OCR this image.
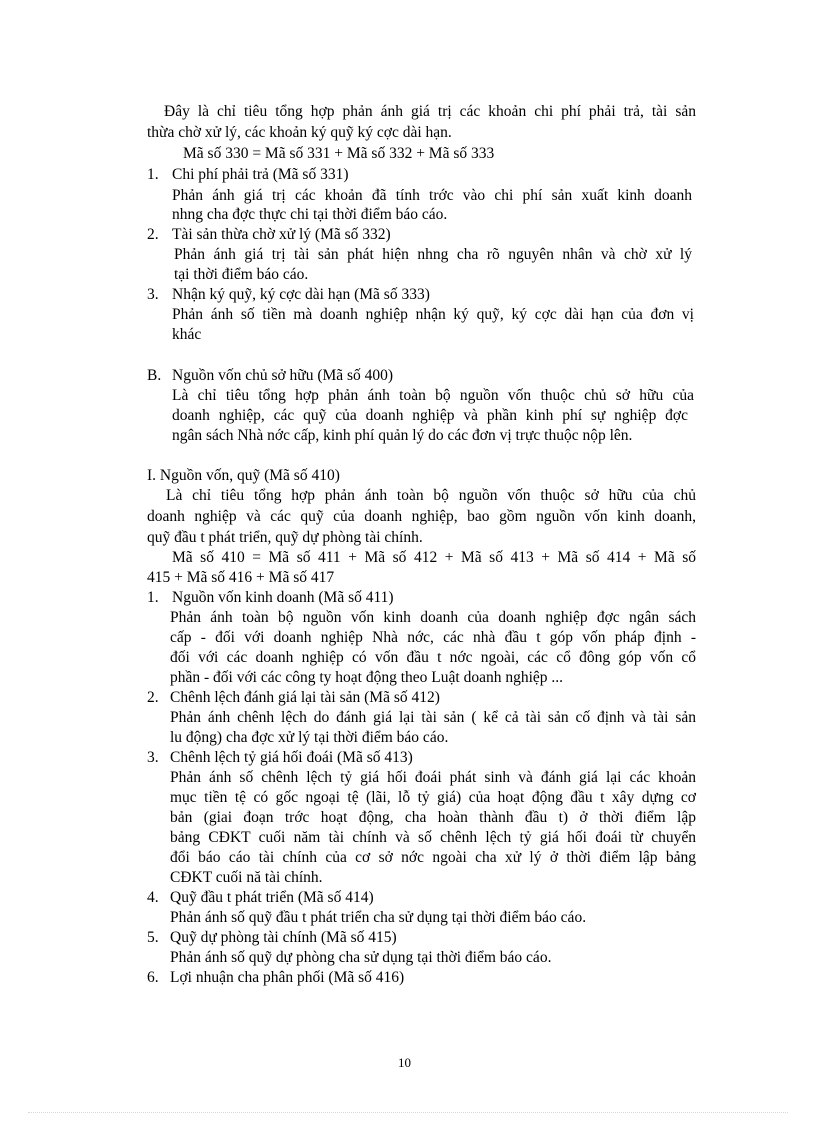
Đây là chỉ tiêu tổng hợp phản ánh giá trị các khoản chi phí phải trả, tài sản
thừa chờ xử lý, các khoản ký quỹ ký cợc dài hạn.
Mã số 330 = Mã số 331 + Mã số 332 + Mã số 333
1. Chi phí phải trả (Mã số 331)
Phản ánh giá trị các khoản đã tính trớc vào chi phí sản xuất kinh doanh
nhng cha đợc thực chi tại thời điểm báo cáo.
2. Tài sản thừa chờ xử lý (Mã số 332)
Phản ánh giá trị tài sản phát hiện nhng cha rõ nguyên nhân và chờ xử lý
tại thời điểm báo cáo.
3. Nhận ký quỹ, ký cợc dài hạn (Mã số 333)
Phản ánh số tiền mà doanh nghiệp nhận ký quỹ, ký cợc dài hạn của đơn vị
khác
B. Nguồn vốn chủ sở hữu (Mã số 400)
Là chỉ tiêu tổng hợp phản ánh toàn bộ nguồn vốn thuộc chủ sở hữu của
doanh nghiệp, các quỹ của doanh nghiệp và phần kinh phí sự nghiệp đợc
ngân sách Nhà nớc cấp, kinh phí quản lý do các đơn vị trực thuộc nộp lên.
I. Nguồn vốn, quỹ (Mã số 410)
Là chỉ tiêu tổng hợp phản ánh toàn bộ nguồn vốn thuộc sở hữu của chủ
doanh nghiệp và các quỹ của doanh nghiệp, bao gồm nguồn vốn kinh doanh,
quỹ đầu t phát triển, quỹ dự phòng tài chính.
Mã số 410 = Mã số 411 + Mã số 412 + Mã số 413 + Mã số 414 + Mã số
415 + Mã số 416 + Mã số 417
1. Nguồn vốn kinh doanh (Mã số 411)
Phản ánh toàn bộ nguồn vốn kinh doanh của doanh nghiệp đợc ngân sách
cấp - đối với doanh nghiệp Nhà nớc, các nhà đầu t góp vốn pháp định -
đối với các doanh nghiệp có vốn đầu t nớc ngoài, các cổ đông góp vốn cổ
phần - đối với các công ty hoạt động theo Luật doanh nghiệp ...
2. Chênh lệch đánh giá lại tài sản (Mã số 412)
Phản ánh chênh lệch do đánh giá lại tài sản ( kể cả tài sản cố định và tài sản
lu động) cha đợc xử lý tại thời điểm báo cáo.
3. Chênh lệch tỷ giá hối đoái (Mã số 413)
Phản ánh số chênh lệch tỷ giá hối đoái phát sinh và đánh giá lại các khoản
mục tiền tệ có gốc ngoại tệ (lãi, lỗ tỷ giá) của hoạt động đầu t xây dựng cơ
bản (giai đoạn trớc hoạt động, cha hoàn thành đầu t) ở thời điểm lập
bảng CĐKT cuối năm tài chính và số chênh lệch tỷ giá hối đoái từ chuyển
đổi báo cáo tài chính của cơ sở nớc ngoài cha xử lý ở thời điểm lập bảng
CĐKT cuối nă tài chính.
4. Quỹ đầu t phát triển (Mã số 414)
Phản ánh số quỹ đầu t phát triển cha sử dụng tại thời điểm báo cáo.
5. Quỹ dự phòng tài chính (Mã số 415)
Phản ánh số quỹ dự phòng cha sử dụng tại thời điểm báo cáo.
6. Lợi nhuận cha phân phối (Mã số 416)
10
